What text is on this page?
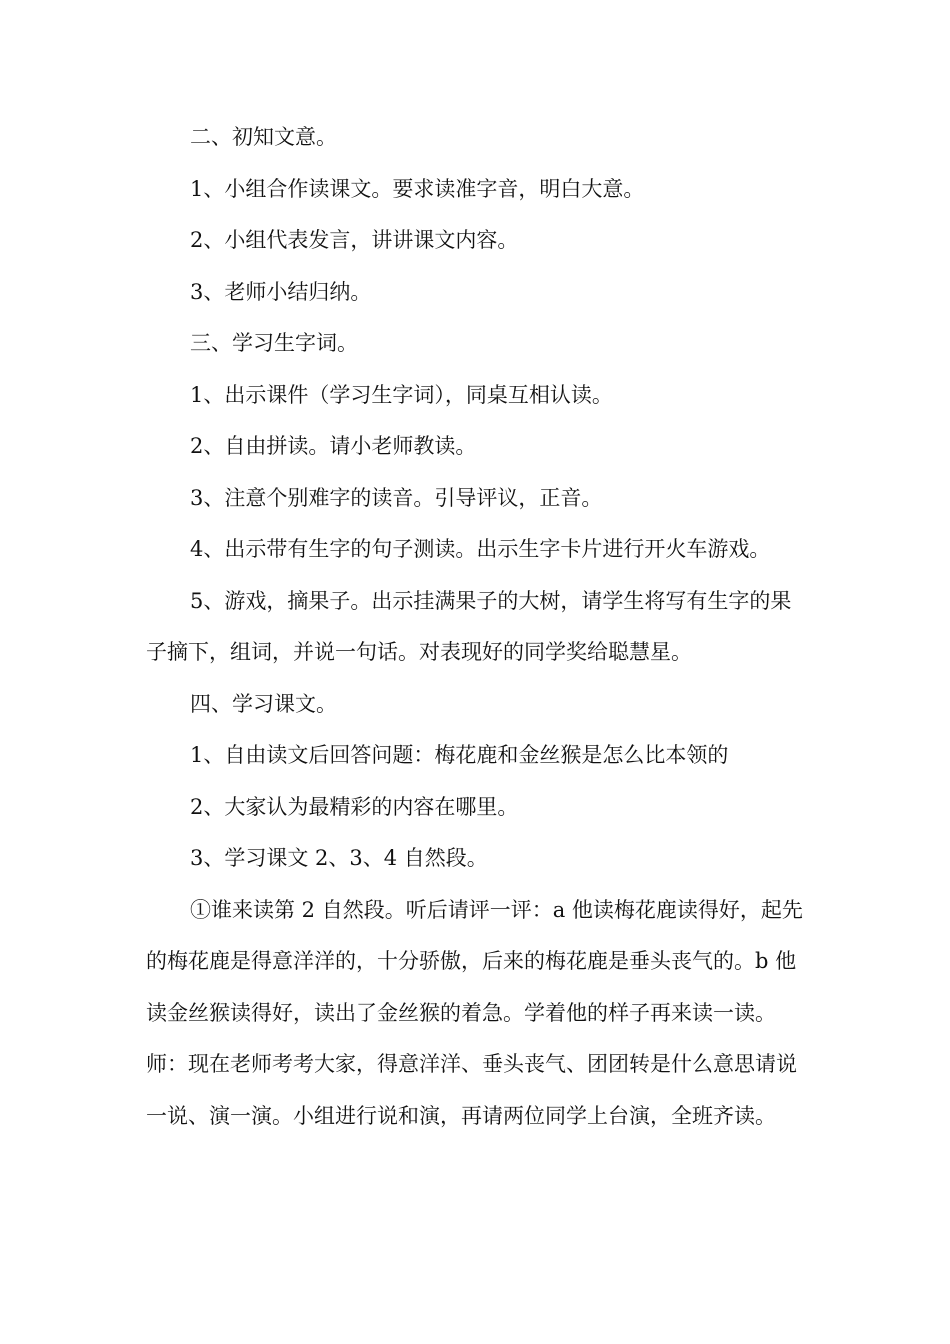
二、初知文意。

1、小组合作读课文。要求读准字音，明白大意。

2、小组代表发言，讲讲课文内容。

3、老师小结归纳。

三、学习生字词。

1、出示课件（学习生字词），同桌互相认读。

2、自由拼读。请小老师教读。

3、注意个别难字的读音。引导评议，正音。

4、出示带有生字的句子测读。出示生字卡片进行开火车游戏。

5、游戏，摘果子。出示挂满果子的大树，请学生将写有生字的果子摘下，组词，并说一句话。对表现好的同学奖给聪慧星。

四、学习课文。

1、自由读文后回答问题：梅花鹿和金丝猴是怎么比本领的

2、大家认为最精彩的内容在哪里。

3、学习课文 2、3、4 自然段。

①谁来读第 2 自然段。听后请评一评：a 他读梅花鹿读得好，起先的梅花鹿是得意洋洋的，十分骄傲，后来的梅花鹿是垂头丧气的。b 他读金丝猴读得好，读出了金丝猴的着急。学着他的样子再来读一读。师：现在老师考考大家，得意洋洋、垂头丧气、团团转是什么意思请说一说、演一演。小组进行说和演，再请两位同学上台演，全班齐读。
